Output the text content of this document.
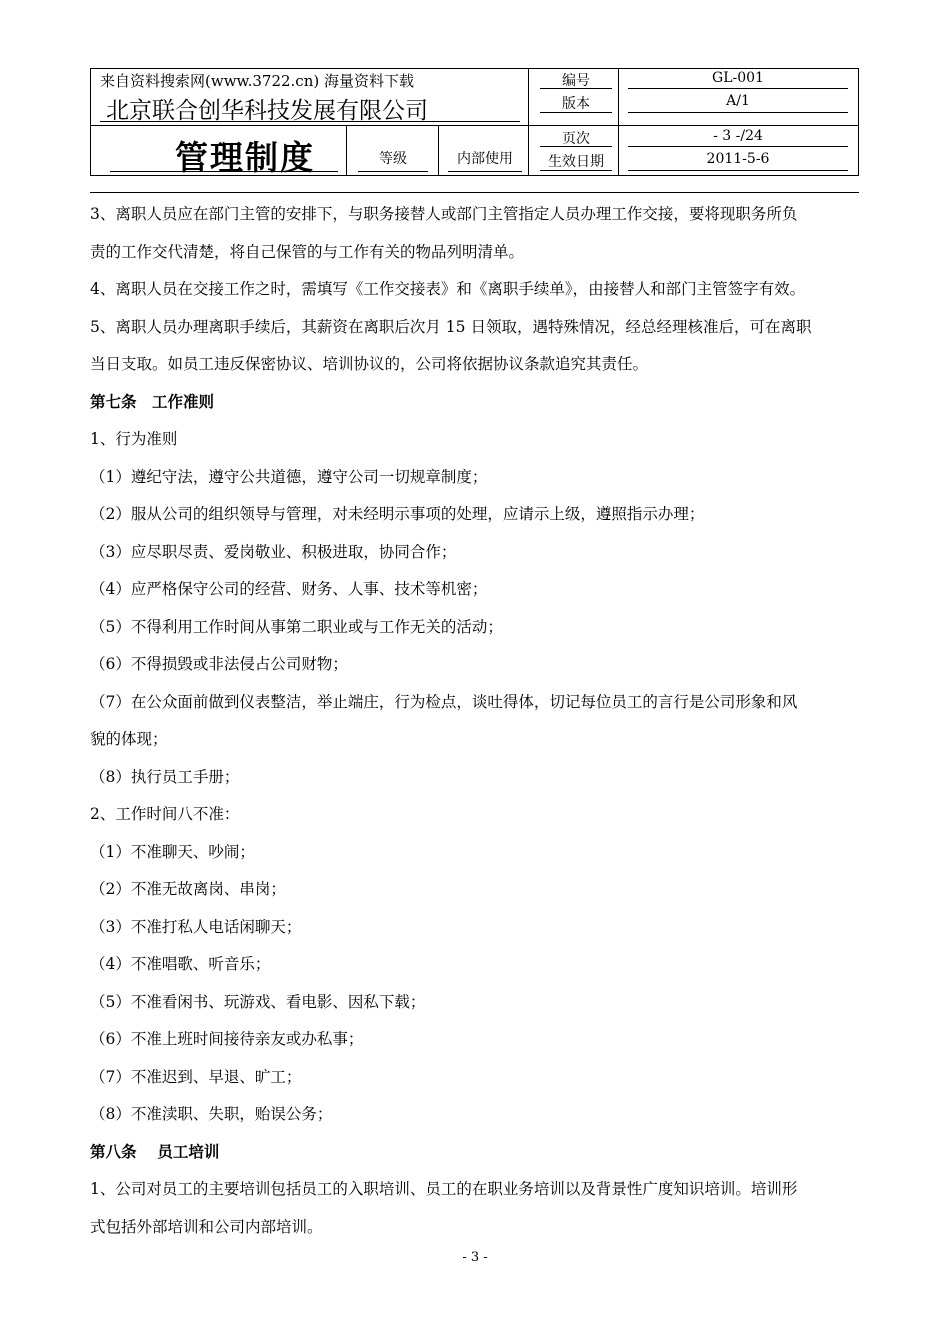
来自资料搜索网(www.3722.cn) 海量资料下载
北京联合创华科技发展有限公司
管理制度	等级	内部使用
编号
版本
页次
生效日期
GL-001
A/1
- 3 -/24
2011-5-6

3、离职人员应在部门主管的安排下，与职务接替人或部门主管指定人员办理工作交接，要将现职务所负

责的工作交代清楚，将自己保管的与工作有关的物品列明清单。

4、离职人员在交接工作之时，需填写《工作交接表》和《离职手续单》，由接替人和部门主管签字有效。

5、离职人员办理离职手续后，其薪资在离职后次月 15 日领取，遇特殊情况，经总经理核准后，可在离职

当日支取。如员工违反保密协议、培训协议的，公司将依据协议条款追究其责任。

第七条　工作准则

1、行为准则

（1）遵纪守法，遵守公共道德，遵守公司一切规章制度；

（2）服从公司的组织领导与管理，对未经明示事项的处理，应请示上级，遵照指示办理；

（3）应尽职尽责、爱岗敬业、积极进取，协同合作；

（4）应严格保守公司的经营、财务、人事、技术等机密；

（5）不得利用工作时间从事第二职业或与工作无关的活动；

（6）不得损毁或非法侵占公司财物；

（7）在公众面前做到仪表整洁，举止端庄，行为检点，谈吐得体，切记每位员工的言行是公司形象和风

貌的体现；

（8）执行员工手册；

2、工作时间八不准：

（1）不准聊天、吵闹；

（2）不准无故离岗、串岗；

（3）不准打私人电话闲聊天；

（4）不准唱歌、听音乐；

（5）不准看闲书、玩游戏、看电影、因私下载；

（6）不准上班时间接待亲友或办私事；

（7）不准迟到、早退、旷工；

（8）不准渎职、失职，贻误公务；

第八条　 员工培训

1、公司对员工的主要培训包括员工的入职培训、员工的在职业务培训以及背景性广度知识培训。培训形

式包括外部培训和公司内部培训。

- 3 -
